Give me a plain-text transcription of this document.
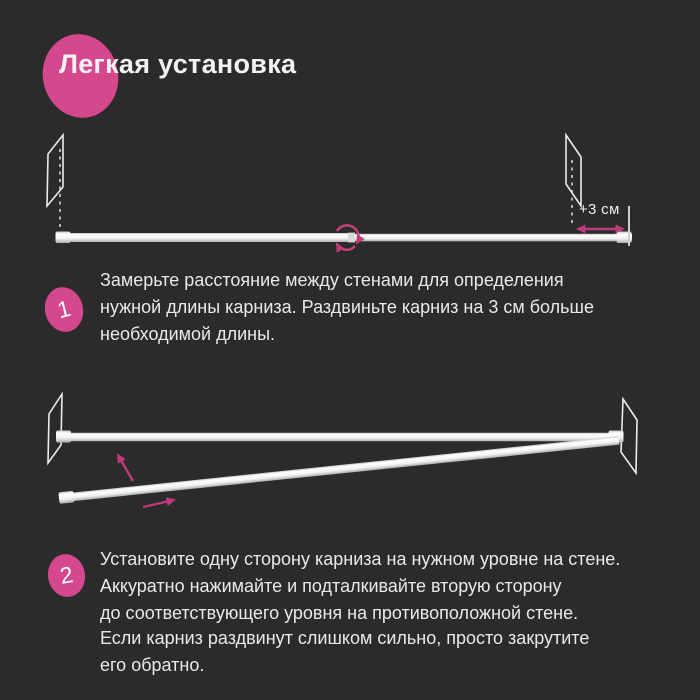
Легкая установка
+3 см
1
Замерьте расстояние между стенами для определения
нужной длины карниза. Раздвиньте карниз на 3 см больше
необходимой длины.
2
Установите одну сторону карниза на нужном уровне на стене.
Аккуратно нажимайте и подталкивайте вторую сторону
до соответствующего уровня на противоположной стене.
Если карниз раздвинут слишком сильно, просто закрутите
его обратно.
